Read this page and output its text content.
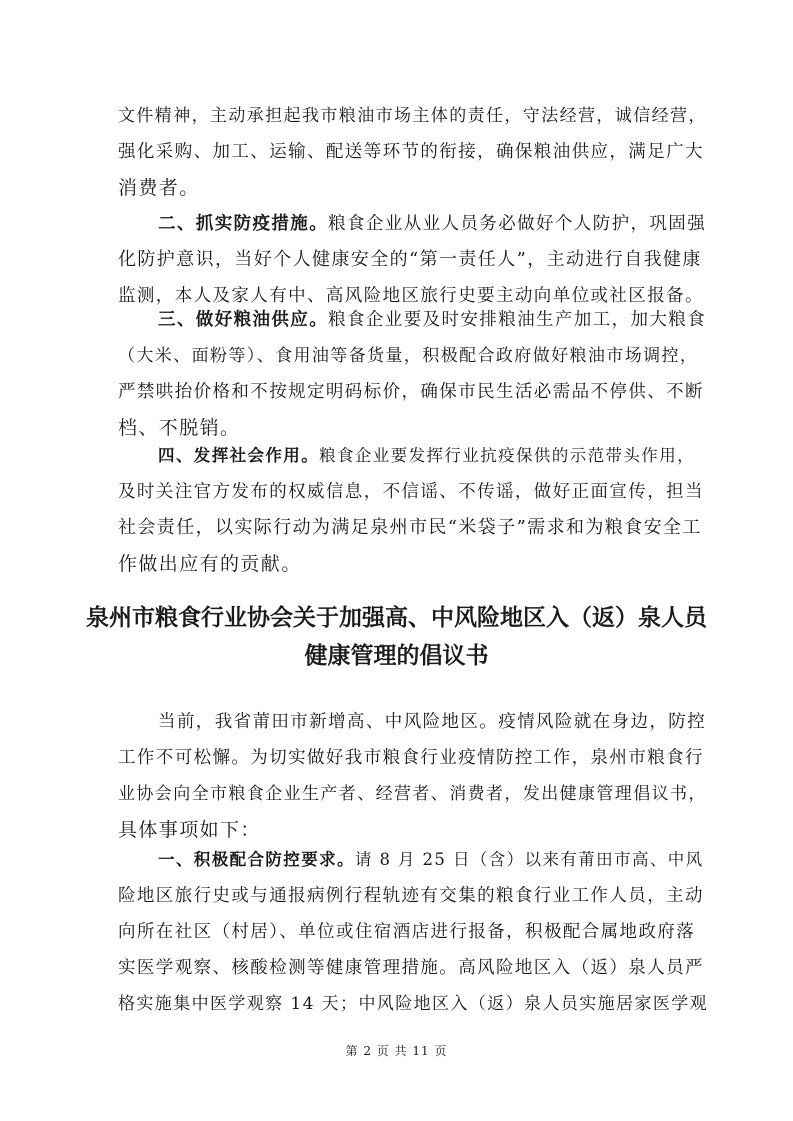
文件精神，主动承担起我市粮油市场主体的责任，守法经营，诚信经营，
强化采购、加工、运输、配送等环节的衔接，确保粮油供应，满足广大
消费者。
二、抓实防疫措施。粮食企业从业人员务必做好个人防护，巩固强
化防护意识，当好个人健康安全的“第一责任人”，主动进行自我健康
监测，本人及家人有中、高风险地区旅行史要主动向单位或社区报备。
三、做好粮油供应。粮食企业要及时安排粮油生产加工，加大粮食
（大米、面粉等）、食用油等备货量，积极配合政府做好粮油市场调控，
严禁哄抬价格和不按规定明码标价，确保市民生活必需品不停供、不断
档、不脱销。
四、发挥社会作用。粮食企业要发挥行业抗疫保供的示范带头作用，
及时关注官方发布的权威信息，不信谣、不传谣，做好正面宣传，担当
社会责任，以实际行动为满足泉州市民“米袋子”需求和为粮食安全工
作做出应有的贡献。
泉州市粮食行业协会关于加强高、中风险地区入（返）泉人员
健康管理的倡议书
当前，我省莆田市新增高、中风险地区。疫情风险就在身边，防控
工作不可松懈。为切实做好我市粮食行业疫情防控工作，泉州市粮食行
业协会向全市粮食企业生产者、经营者、消费者，发出健康管理倡议书，
具体事项如下：
一、积极配合防控要求。请 8 月 25 日（含）以来有莆田市高、中风
险地区旅行史或与通报病例行程轨迹有交集的粮食行业工作人员，主动
向所在社区（村居）、单位或住宿酒店进行报备，积极配合属地政府落
实医学观察、核酸检测等健康管理措施。高风险地区入（返）泉人员严
格实施集中医学观察 14 天；中风险地区入（返）泉人员实施居家医学观
第 2 页 共 11 页
